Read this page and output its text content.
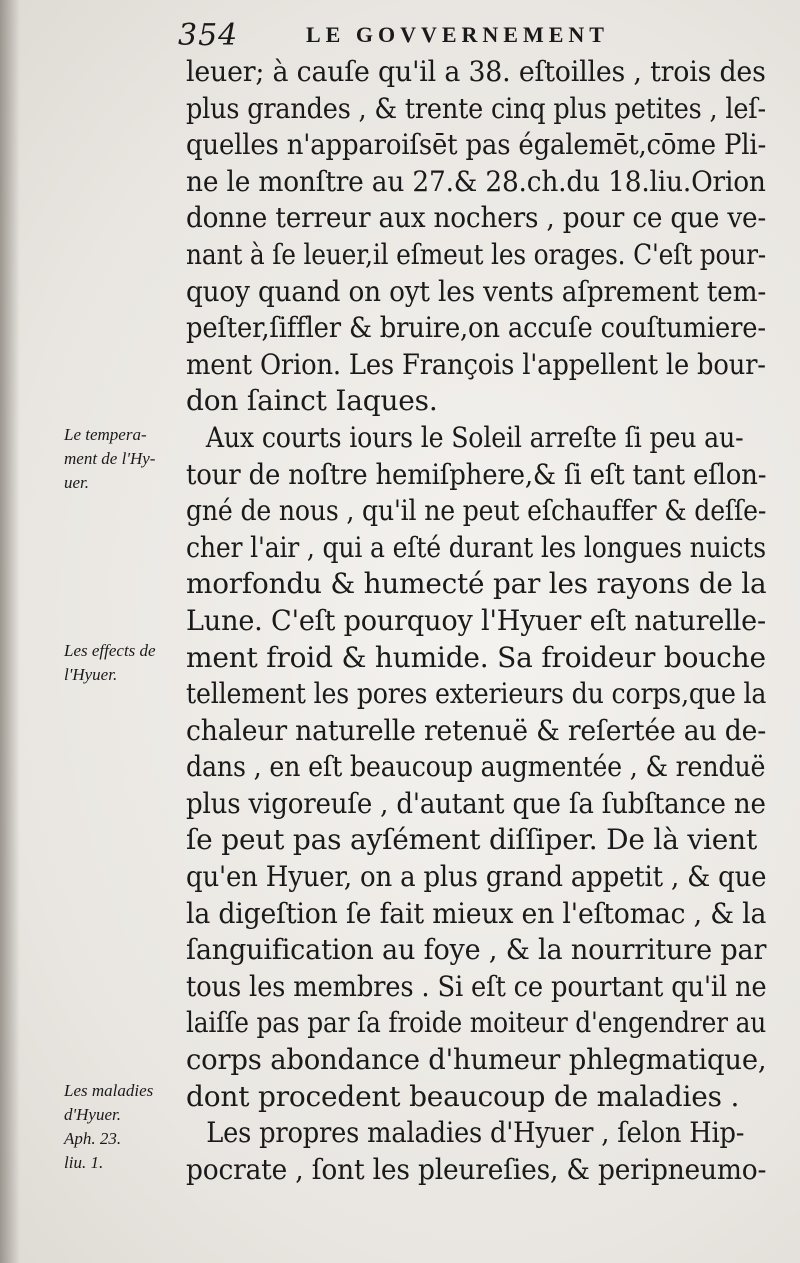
354	LE GOVVERNEMENT
leuer; à cauſe qu'il a 38. eſtoilles , trois des
plus grandes , & trente cinq plus petites , leſ-
quelles n'apparoiſsēt pas égalemēt,cōme Pli-
ne le monſtre au 27.& 28.ch.du 18.liu.Orion
donne terreur aux nochers , pour ce que ve-
nant à ſe leuer,il eſmeut les orages. C'eſt pour-
quoy quand on oyt les vents aſprement tem-
peſter,ſiffler & bruire,on accuſe couſtumiere-
ment Orion. Les François l'appellent le bour-
don ſainct Iaques.
Aux courts iours le Soleil arreſte ſi peu au-
tour de noſtre hemiſphere,& ſi eſt tant eſlon-
gné de nous , qu'il ne peut eſchauffer & deſſe-
cher l'air , qui a eſté durant les longues nuicts
morfondu & humecté par les rayons de la
Lune. C'eſt pourquoy l'Hyuer eſt naturelle-
ment froid & humide. Sa froideur bouche
tellement les pores exterieurs du corps,que la
chaleur naturelle retenuë & reſertée au de-
dans , en eſt beaucoup augmentée , & renduë
plus vigoreuſe , d'autant que ſa ſubſtance ne
ſe peut pas ayſément diſſiper. De là vient
qu'en Hyuer, on a plus grand appetit , & que
la digeſtion ſe fait mieux en l'eſtomac , & la
ſanguification au foye , & la nourriture par
tous les membres . Si eſt ce pourtant qu'il ne
laiſſe pas par ſa froide moiteur d'engendrer au
corps abondance d'humeur phlegmatique,
dont procedent beaucoup de maladies .
Les propres maladies d'Hyuer , ſelon Hip-
pocrate , ſont les pleureſies, & peripneumo-
Le tempera-
ment de l'Hy-
uer.
Les effects de
l'Hyuer.
Les maladies
d'Hyuer.
Aph. 23.
liu. 1.
